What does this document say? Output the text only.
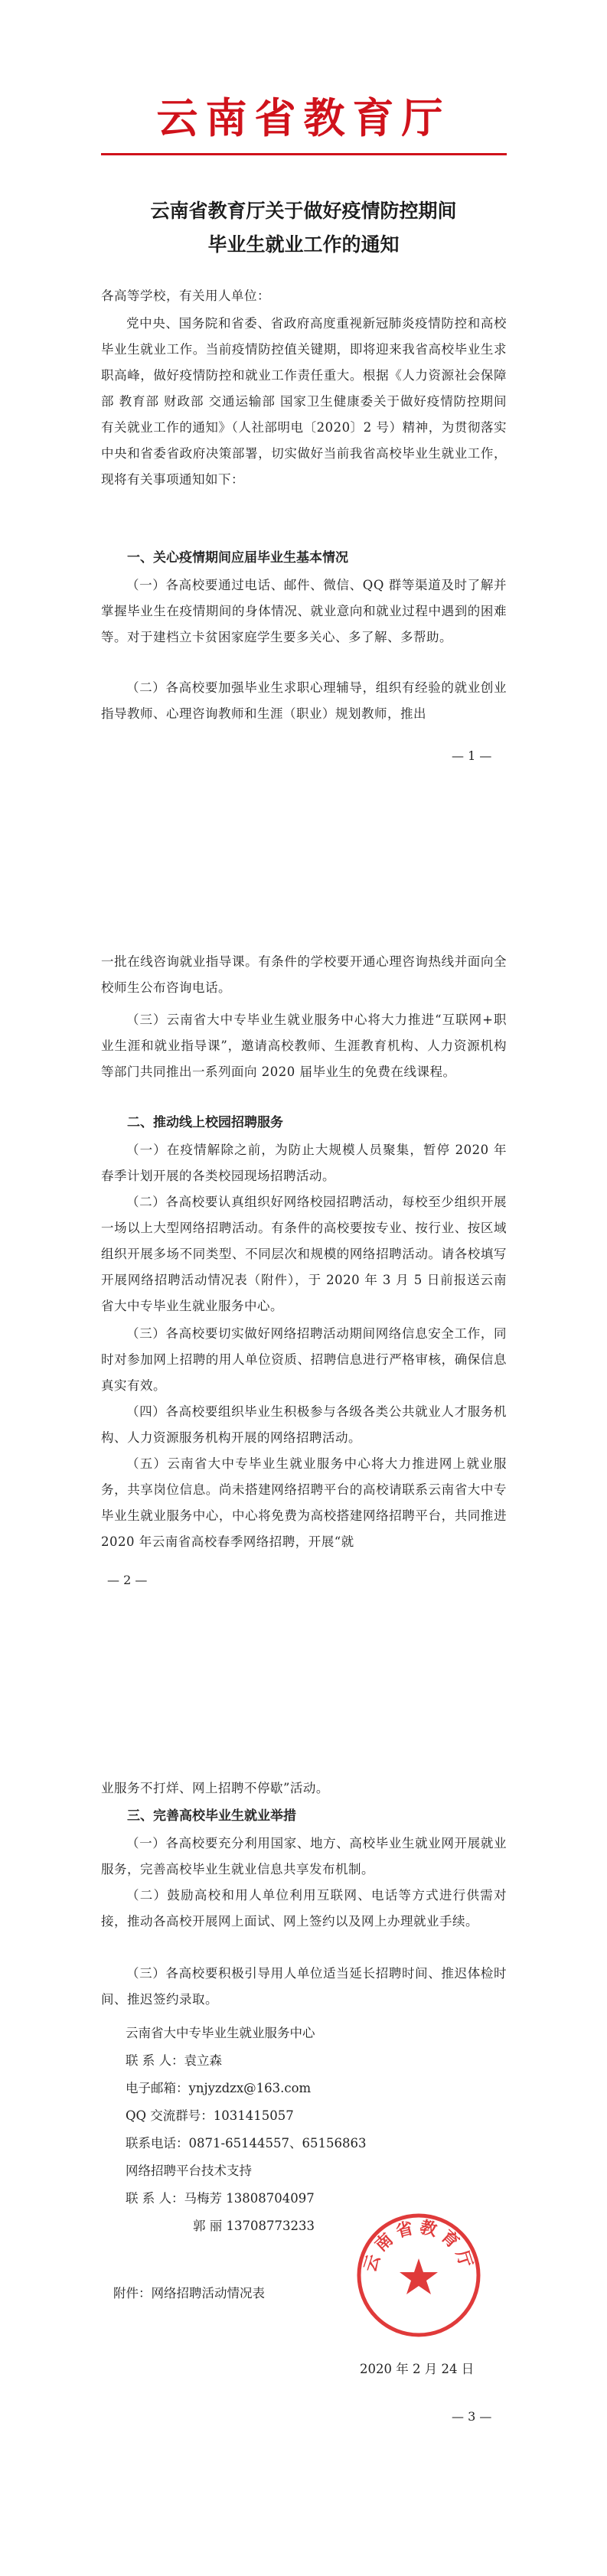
云南省教育厅
云南省教育厅关于做好疫情防控期间
毕业生就业工作的通知

各高等学校，有关用人单位：

党中央、国务院和省委、省政府高度重视新冠肺炎疫情防控和高校毕业生就业工作。当前疫情防控值关键期，即将迎来我省高校毕业生求职高峰，做好疫情防控和就业工作责任重大。根据《人力资源社会保障部 教育部 财政部 交通运输部 国家卫生健康委关于做好疫情防控期间有关就业工作的通知》（人社部明电〔2020〕2 号）精神，为贯彻落实中央和省委省政府决策部署，切实做好当前我省高校毕业生就业工作，现将有关事项通知如下：

一、关心疫情期间应届毕业生基本情况

（一）各高校要通过电话、邮件、微信、QQ 群等渠道及时了解并掌握毕业生在疫情期间的身体情况、就业意向和就业过程中遇到的困难等。对于建档立卡贫困家庭学生要多关心、多了解、多帮助。

（二）各高校要加强毕业生求职心理辅导，组织有经验的就业创业指导教师、心理咨询教师和生涯（职业）规划教师，推出

— 1 —

一批在线咨询就业指导课。有条件的学校要开通心理咨询热线并面向全校师生公布咨询电话。

（三）云南省大中专毕业生就业服务中心将大力推进“互联网+职业生涯和就业指导课”，邀请高校教师、生涯教育机构、人力资源机构等部门共同推出一系列面向 2020 届毕业生的免费在线课程。

二、推动线上校园招聘服务

（一）在疫情解除之前，为防止大规模人员聚集，暂停 2020 年春季计划开展的各类校园现场招聘活动。

（二）各高校要认真组织好网络校园招聘活动，每校至少组织开展一场以上大型网络招聘活动。有条件的高校要按专业、按行业、按区域组织开展多场不同类型、不同层次和规模的网络招聘活动。请各校填写开展网络招聘活动情况表（附件），于 2020 年 3 月 5 日前报送云南省大中专毕业生就业服务中心。

（三）各高校要切实做好网络招聘活动期间网络信息安全工作，同时对参加网上招聘的用人单位资质、招聘信息进行严格审核，确保信息真实有效。

（四）各高校要组织毕业生积极参与各级各类公共就业人才服务机构、人力资源服务机构开展的网络招聘活动。

（五）云南省大中专毕业生就业服务中心将大力推进网上就业服务，共享岗位信息。尚未搭建网络招聘平台的高校请联系云南省大中专毕业生就业服务中心，中心将免费为高校搭建网络招聘平台，共同推进 2020 年云南省高校春季网络招聘，开展“就

— 2 —

业服务不打烊、网上招聘不停歇”活动。

三、完善高校毕业生就业举措

（一）各高校要充分利用国家、地方、高校毕业生就业网开展就业服务，完善高校毕业生就业信息共享发布机制。

（二）鼓励高校和用人单位利用互联网、电话等方式进行供需对接，推动各高校开展网上面试、网上签约以及网上办理就业手续。

（三）各高校要积极引导用人单位适当延长招聘时间、推迟体检时间、推迟签约录取。

云南省大中专毕业生就业服务中心
联 系 人：袁立森
电子邮箱：ynjyzdzx@163.com
QQ 交流群号：1031415057
联系电话：0871-65144557、65156863
网络招聘平台技术支持
联 系 人：马梅芳 13808704097
郭 丽 13708773233
附件：网络招聘活动情况表
云南省教育厅
2020 年 2 月 24 日
— 3 —
